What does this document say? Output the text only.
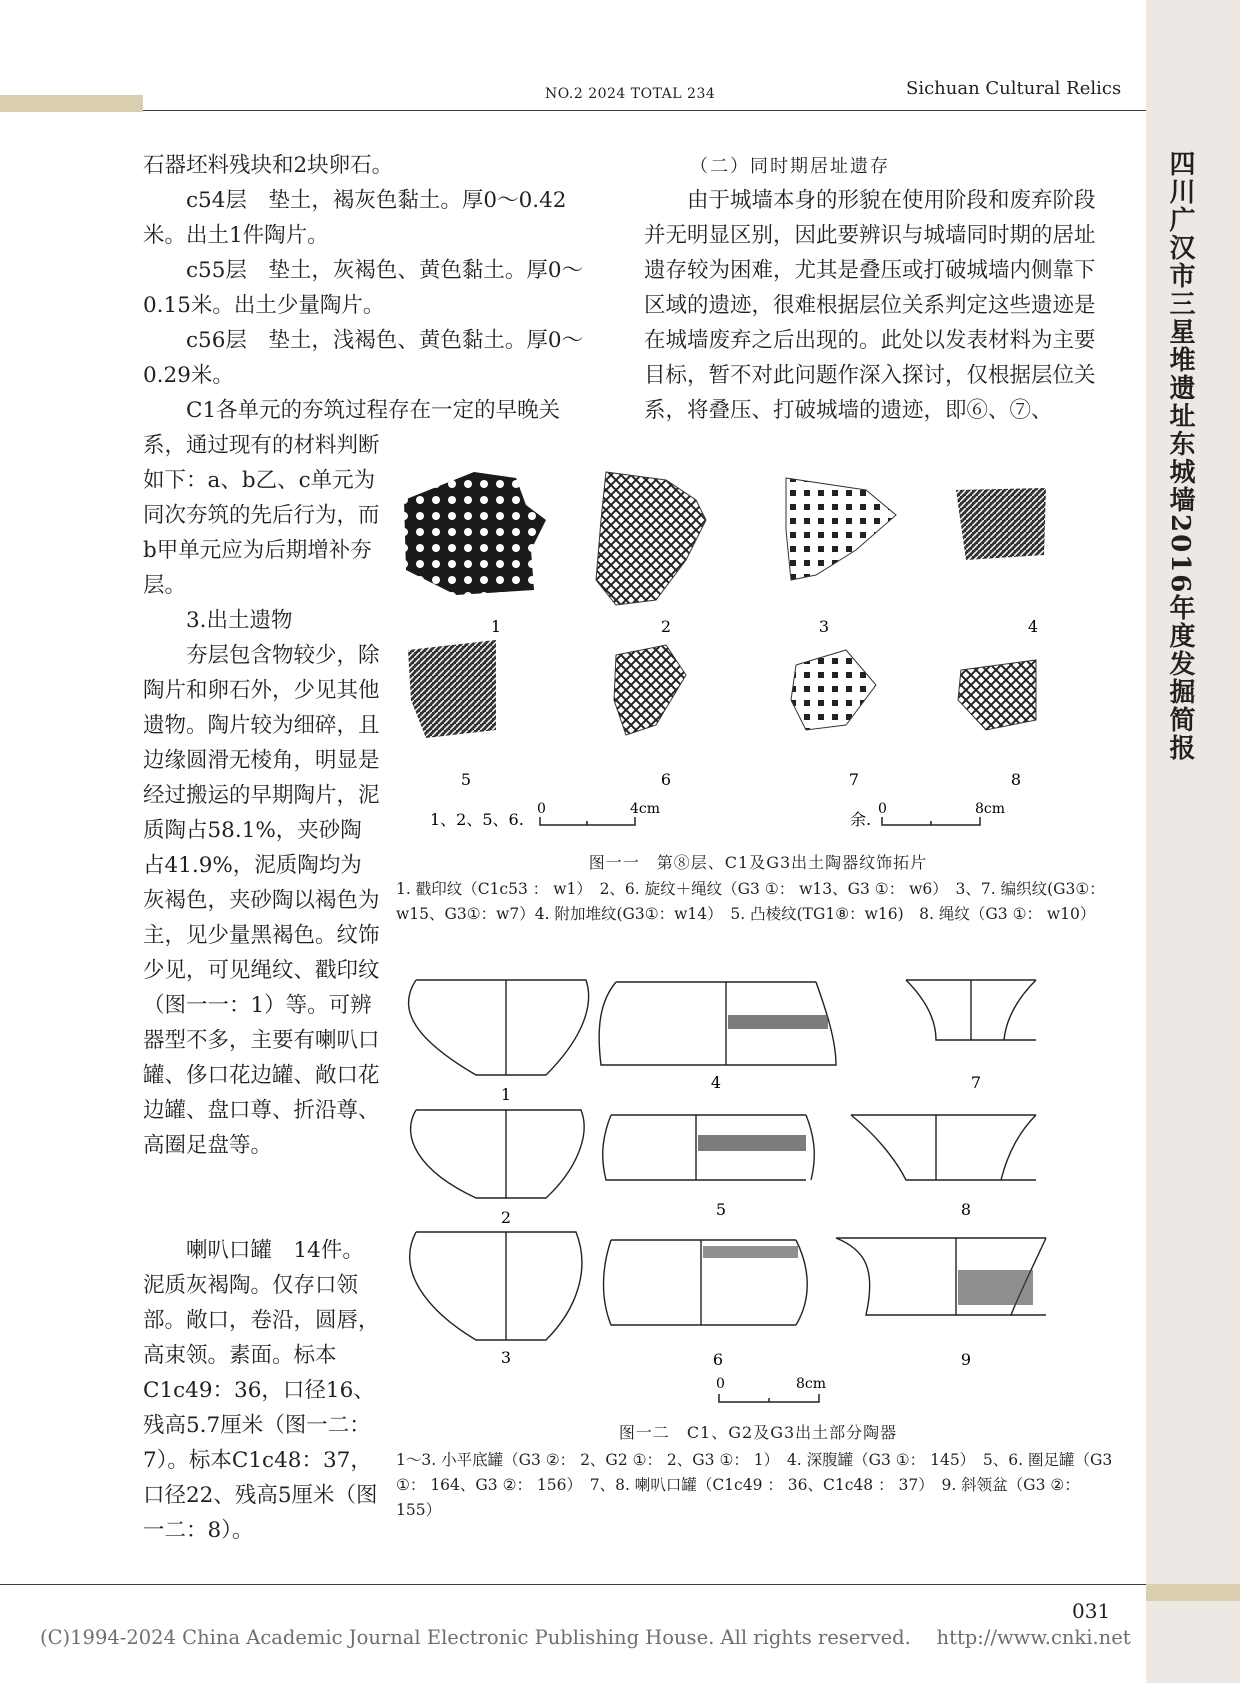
NO.2 2024 TOTAL 234	Sichuan Cultural Relics
四川广汉市三星堆遗址东城墙2016年度发掘简报
石器坯料残块和2块卵石。
c54层　垫土，褐灰色黏土。厚0～0.42米。出土1件陶片。
c55层　垫土，灰褐色、黄色黏土。厚0～0.15米。出土少量陶片。
c56层　垫土，浅褐色、黄色黏土。厚0～0.29米。
C1各单元的夯筑过程存在一定的早晚关
系，通过现有的材料判断如下：a、b乙、c单元为同次夯筑的先后行为，而b甲单元应为后期增补夯层。
3.出土遗物
夯层包含物较少，除陶片和卵石外，少见其他遗物。陶片较为细碎，且边缘圆滑无棱角，明显是经过搬运的早期陶片，泥质陶占58.1%，夹砂陶占41.9%，泥质陶均为灰褐色，夹砂陶以褐色为主，见少量黑褐色。纹饰少见，可见绳纹、戳印纹（图一一：1）等。可辨器型不多，主要有喇叭口罐、侈口花边罐、敞口花边罐、盘口尊、折沿尊、高圈足盘等。
喇叭口罐　14件。泥质灰褐陶。仅存口领部。敞口，卷沿，圆唇，高束领。素面。标本C1c49：36，口径16、残高5.7厘米（图一二：7）。标本C1c48：37，口径22、残高5厘米（图一二：8）。
（二）同时期居址遗存
由于城墙本身的形貌在使用阶段和废弃阶段并无明显区别，因此要辨识与城墙同时期的居址遗存较为困难，尤其是叠压或打破城墙内侧靠下区域的遗迹，很难根据层位关系判定这些遗迹是在城墙废弃之后出现的。此处以发表材料为主要目标，暂不对此问题作深入探讨，仅根据层位关系，将叠压、打破城墙的遗迹，即⑥、⑦、
1	2	3	4
5	6	7	8
1、2、5、6.
0	4cm
余.
0	8cm
图一一　第⑧层、C1及G3出土陶器纹饰拓片
1. 戳印纹（C1c53 ： w1）　2、6. 旋纹＋绳纹（G3 ①： w13、G3 ①： w6）　3、7. 编织纹(G3①：w15、G3①：w7）4. 附加堆纹(G3①：w14）　5. 凸棱纹(TG1⑧：w16)　8. 绳纹（G3 ①： w10）
1
4	7
2	5	8
3	6	9
0	8cm
图一二　C1、G2及G3出土部分陶器
1～3. 小平底罐（G3 ②： 2、G2 ①： 2、G3 ①： 1）　4. 深腹罐（G3 ①： 145）　5、6. 圈足罐（G3 ①： 164、G3 ②： 156）　7、8. 喇叭口罐（C1c49 ： 36、C1c48 ： 37）　9. 斜领盆（G3 ②： 155）
031
(C)1994-2024 China Academic Journal Electronic Publishing House. All rights reserved.　 http://www.cnki.net
